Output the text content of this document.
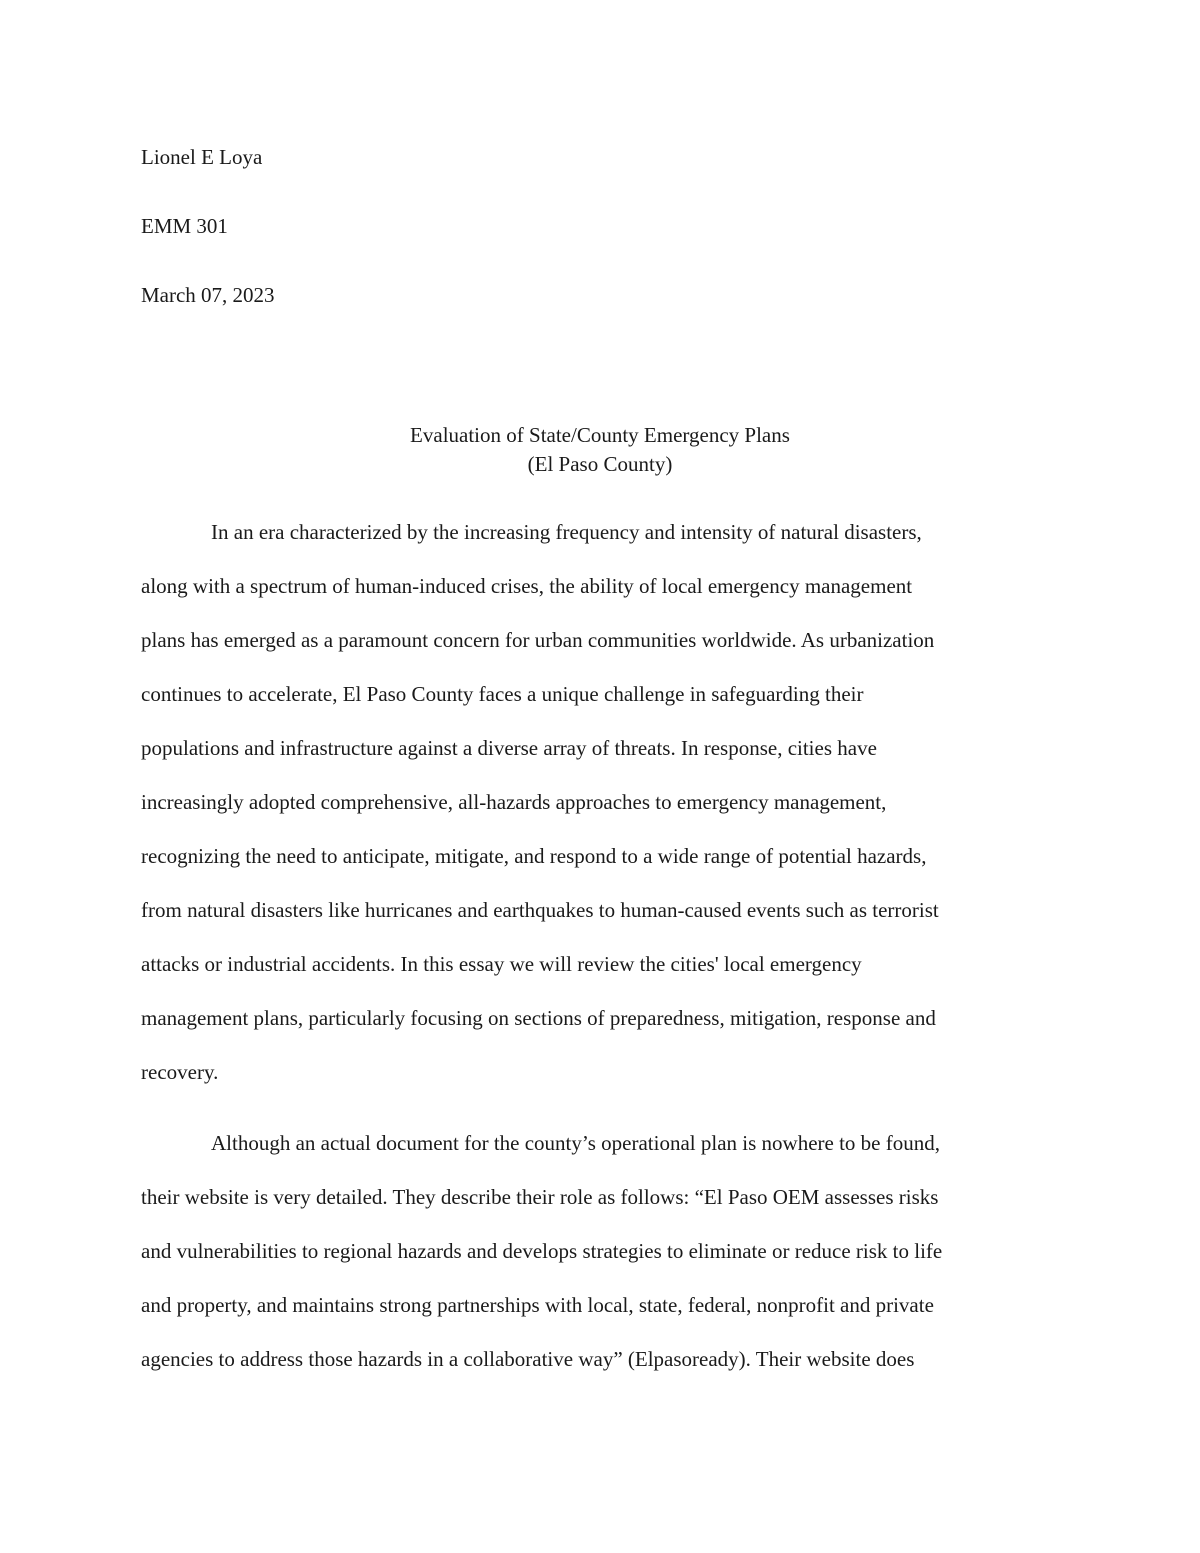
Lionel E Loya
EMM 301
March 07, 2023
Evaluation of State/County Emergency Plans
(El Paso County)
In an era characterized by the increasing frequency and intensity of natural disasters,
along with a spectrum of human-induced crises, the ability of local emergency management
plans has emerged as a paramount concern for urban communities worldwide. As urbanization
continues to accelerate, El Paso County faces a unique challenge in safeguarding their
populations and infrastructure against a diverse array of threats. In response, cities have
increasingly adopted comprehensive, all-hazards approaches to emergency management,
recognizing the need to anticipate, mitigate, and respond to a wide range of potential hazards,
from natural disasters like hurricanes and earthquakes to human-caused events such as terrorist
attacks or industrial accidents. In this essay we will review the cities' local emergency
management plans, particularly focusing on sections of preparedness, mitigation, response and
recovery.
Although an actual document for the county’s operational plan is nowhere to be found,
their website is very detailed. They describe their role as follows: “El Paso OEM assesses risks
and vulnerabilities to regional hazards and develops strategies to eliminate or reduce risk to life
and property, and maintains strong partnerships with local, state, federal, nonprofit and private
agencies to address those hazards in a collaborative way” (Elpasoready). Their website does
